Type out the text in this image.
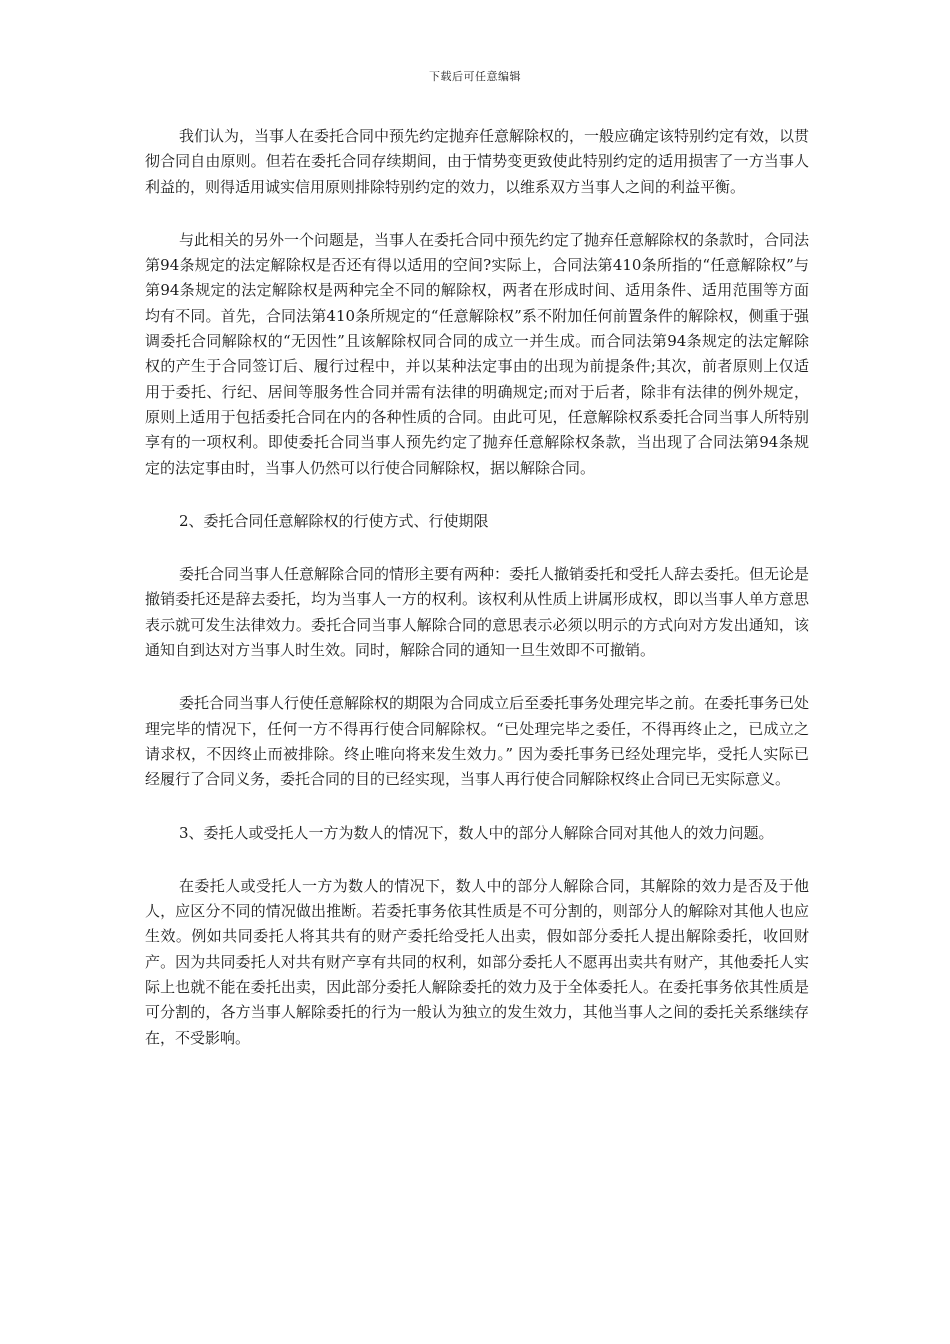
下载后可任意编辑

我们认为，当事人在委托合同中预先约定抛弃任意解除权的，一般应确定该特别约定有效，以贯彻合同自由原则。但若在委托合同存续期间，由于情势变更致使此特别约定的适用损害了一方当事人利益的，则得适用诚实信用原则排除特别约定的效力，以维系双方当事人之间的利益平衡。

与此相关的另外一个问题是，当事人在委托合同中预先约定了抛弃任意解除权的条款时，合同法第94条规定的法定解除权是否还有得以适用的空间?实际上，合同法第410条所指的“任意解除权”与第94条规定的法定解除权是两种完全不同的解除权，两者在形成时间、适用条件、适用范围等方面均有不同。首先，合同法第410条所规定的“任意解除权”系不附加任何前置条件的解除权，侧重于强调委托合同解除权的“无因性”且该解除权同合同的成立一并生成。而合同法第94条规定的法定解除权的产生于合同签订后、履行过程中，并以某种法定事由的出现为前提条件;其次，前者原则上仅适用于委托、行纪、居间等服务性合同并需有法律的明确规定;而对于后者，除非有法律的例外规定，原则上适用于包括委托合同在内的各种性质的合同。由此可见，任意解除权系委托合同当事人所特别享有的一项权利。即使委托合同当事人预先约定了抛弃任意解除权条款，当出现了合同法第94条规定的法定事由时，当事人仍然可以行使合同解除权，据以解除合同。

2、委托合同任意解除权的行使方式、行使期限

委托合同当事人任意解除合同的情形主要有两种：委托人撤销委托和受托人辞去委托。但无论是撤销委托还是辞去委托，均为当事人一方的权利。该权利从性质上讲属形成权，即以当事人单方意思表示就可发生法律效力。委托合同当事人解除合同的意思表示必须以明示的方式向对方发出通知，该通知自到达对方当事人时生效。同时，解除合同的通知一旦生效即不可撤销。

委托合同当事人行使任意解除权的期限为合同成立后至委托事务处理完毕之前。在委托事务已处理完毕的情况下，任何一方不得再行使合同解除权。“已处理完毕之委任，不得再终止之，已成立之请求权，不因终止而被排除。终止唯向将来发生效力。” 因为委托事务已经处理完毕，受托人实际已经履行了合同义务，委托合同的目的已经实现，当事人再行使合同解除权终止合同已无实际意义。

3、委托人或受托人一方为数人的情况下，数人中的部分人解除合同对其他人的效力问题。

在委托人或受托人一方为数人的情况下，数人中的部分人解除合同，其解除的效力是否及于他人，应区分不同的情况做出推断。若委托事务依其性质是不可分割的，则部分人的解除对其他人也应生效。例如共同委托人将其共有的财产委托给受托人出卖，假如部分委托人提出解除委托，收回财产。因为共同委托人对共有财产享有共同的权利，如部分委托人不愿再出卖共有财产，其他委托人实际上也就不能在委托出卖，因此部分委托人解除委托的效力及于全体委托人。在委托事务依其性质是可分割的，各方当事人解除委托的行为一般认为独立的发生效力，其他当事人之间的委托关系继续存在，不受影响。
